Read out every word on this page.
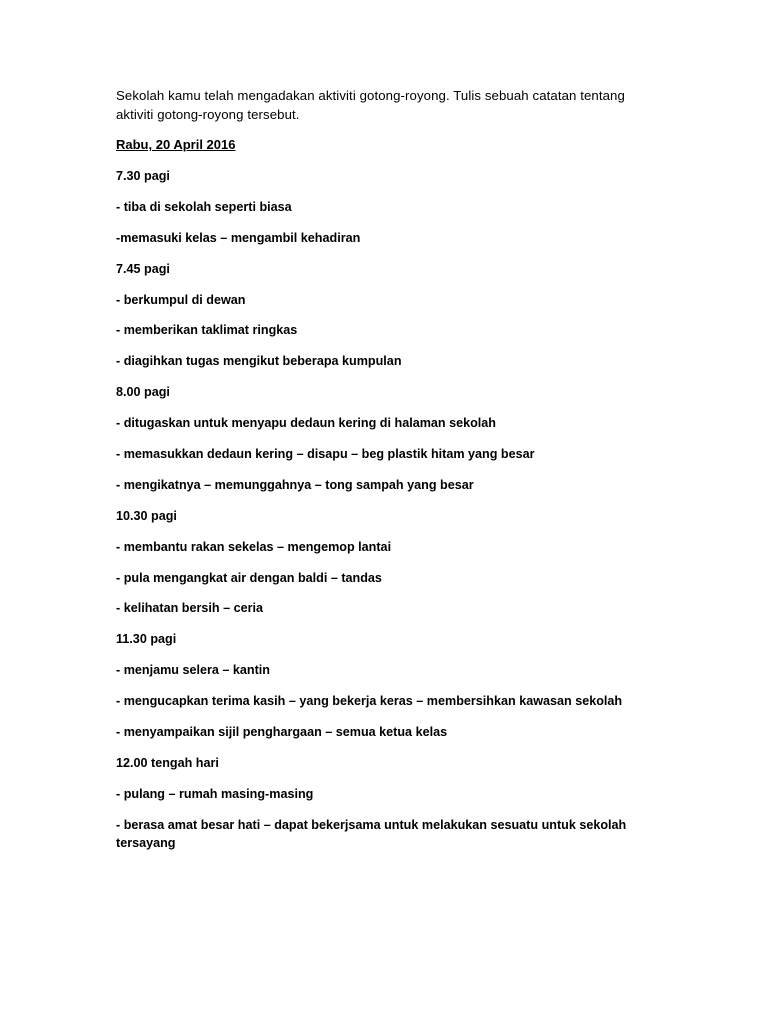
Sekolah kamu telah mengadakan aktiviti gotong-royong. Tulis sebuah catatan tentang aktiviti gotong-royong tersebut.
Rabu, 20 April 2016
7.30 pagi
- tiba di sekolah seperti biasa
-memasuki kelas – mengambil kehadiran
7.45 pagi
- berkumpul di dewan
- memberikan taklimat ringkas
- diagihkan tugas mengikut beberapa kumpulan
8.00 pagi
- ditugaskan untuk menyapu dedaun kering di halaman sekolah
- memasukkan dedaun kering – disapu – beg plastik hitam yang besar
- mengikatnya – memunggahnya – tong sampah yang besar
10.30 pagi
- membantu rakan sekelas – mengemop lantai
- pula mengangkat air dengan baldi – tandas
- kelihatan bersih – ceria
11.30 pagi
- menjamu selera – kantin
- mengucapkan terima kasih – yang bekerja keras – membersihkan kawasan sekolah
- menyampaikan sijil penghargaan – semua ketua kelas
12.00 tengah hari
- pulang – rumah masing-masing
- berasa amat besar hati – dapat bekerjsama untuk melakukan sesuatu untuk sekolah tersayang
